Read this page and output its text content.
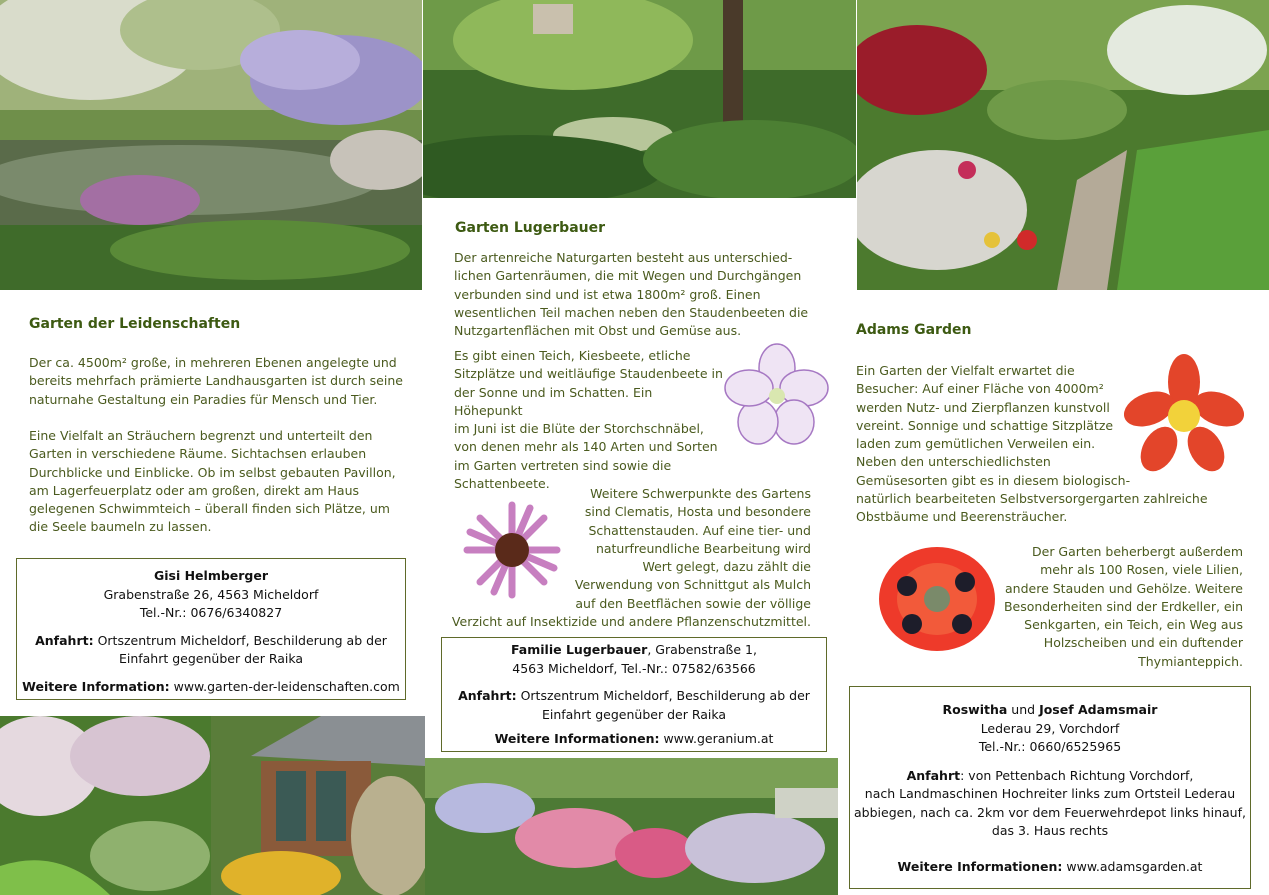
Garten der Leidenschaften
Der ca. 4500m² große, in mehreren Ebenen angelegte und
bereits mehrfach prämierte Landhausgarten ist durch seine
naturnahe Gestaltung ein Paradies für Mensch und Tier.
Eine Vielfalt an Sträuchern begrenzt und unterteilt den
Garten in verschiedene Räume. Sichtachsen erlauben
Durchblicke und Einblicke. Ob im selbst gebauten Pavillon,
am Lagerfeuerplatz oder am großen, direkt am Haus
gelegenen Schwimmteich – überall finden sich Plätze, um
die Seele baumeln zu lassen.
Gisi Helmberger
Grabenstraße 26, 4563 Micheldorf
Tel.-Nr.: 0676/6340827
Anfahrt: Ortszentrum Micheldorf, Beschilderung ab der
Einfahrt gegenüber der Raika
Weitere Information: www.garten-der-leidenschaften.com
Garten Lugerbauer
Der artenreiche Naturgarten besteht aus unterschied-
lichen Gartenräumen, die mit Wegen und Durchgängen
verbunden sind und ist etwa 1800m² groß. Einen
wesentlichen Teil machen neben den Staudenbeeten die
Nutzgartenflächen mit Obst und Gemüse aus.
Es gibt einen Teich, Kiesbeete, etliche
Sitzplätze und weitläufige Staudenbeete in
der Sonne und im Schatten. Ein Höhepunkt
im Juni ist die Blüte der Storchschnäbel,
von denen mehr als 140 Arten und Sorten
im Garten vertreten sind sowie die
Schattenbeete.
Weitere Schwerpunkte des Gartens
sind Clematis, Hosta und besondere
Schattenstauden. Auf eine tier- und
naturfreundliche Bearbeitung wird
Wert gelegt, dazu zählt die
Verwendung von Schnittgut als Mulch
auf den Beetflächen sowie der völlige
Verzicht auf Insektizide und andere Pflanzenschutzmittel.
Familie Lugerbauer, Grabenstraße 1,
4563 Micheldorf, Tel.-Nr.: 07582/63566
Anfahrt: Ortszentrum Micheldorf, Beschilderung ab der
Einfahrt gegenüber der Raika
Weitere Informationen: www.geranium.at
Adams Garden
Ein Garten der Vielfalt erwartet die
Besucher: Auf einer Fläche von 4000m²
werden Nutz- und Zierpflanzen kunstvoll
vereint. Sonnige und schattige Sitzplätze
laden zum gemütlichen Verweilen ein.
Neben den unterschiedlichsten
Gemüsesorten gibt es in diesem biologisch-
natürlich bearbeiteten Selbstversorgergarten zahlreiche
Obstbäume und Beerensträucher.
Der Garten beherbergt außerdem
mehr als 100 Rosen, viele Lilien,
andere Stauden und Gehölze. Weitere
Besonderheiten sind der Erdkeller, ein
Senkgarten, ein Teich, ein Weg aus
Holzscheiben und ein duftender
Thymianteppich.
Roswitha und Josef Adamsmair
Lederau 29, Vorchdorf
Tel.-Nr.: 0660/6525965
Anfahrt: von Pettenbach Richtung Vorchdorf,
nach Landmaschinen Hochreiter links zum Ortsteil Lederau
abbiegen, nach ca. 2km vor dem Feuerwehrdepot links hinauf,
das 3. Haus rechts
Weitere Informationen: www.adamsgarden.at
